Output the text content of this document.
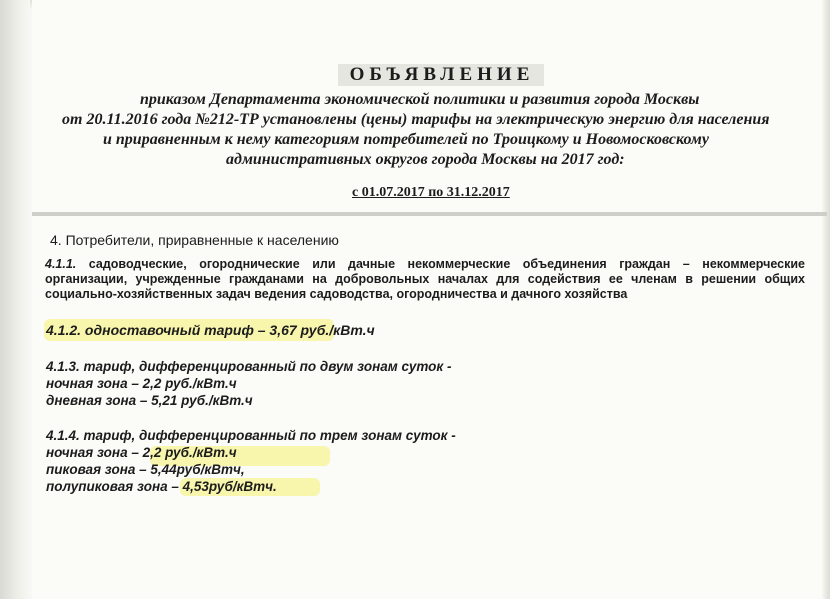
ОБЪЯВЛЕНИЕ
приказом Департамента экономической политики и развития города Москвы
от 20.11.2016 года №212-ТР установлены (цены) тарифы на электрическую энергию для населения
и приравненным к нему категориям потребителей по Троицкому и Новомосковскому
административных округов города Москвы на 2017 год:
с 01.07.2017 по 31.12.2017
4. Потребители, приравненные к населению
4.1.1. садоводческие, огороднические или дачные некоммерческие объединения граждан – некоммерческие организации, учрежденные гражданами на добровольных началах для содействия ее членам в решении общих социально-хозяйственных задач ведения садоводства, огородничества и дачного хозяйства
4.1.2. одноставочный тариф – 3,67 руб./кВт.ч
4.1.3. тариф, дифференцированный по двум зонам суток -
ночная зона – 2,2 руб./кВт.ч
дневная зона – 5,21 руб./кВт.ч
4.1.4. тариф, дифференцированный по трем зонам суток -
ночная зона – 2,2 руб./кВт.ч
пиковая зона – 5,44руб/кВтч,
полупиковая зона – 4,53руб/кВтч.
